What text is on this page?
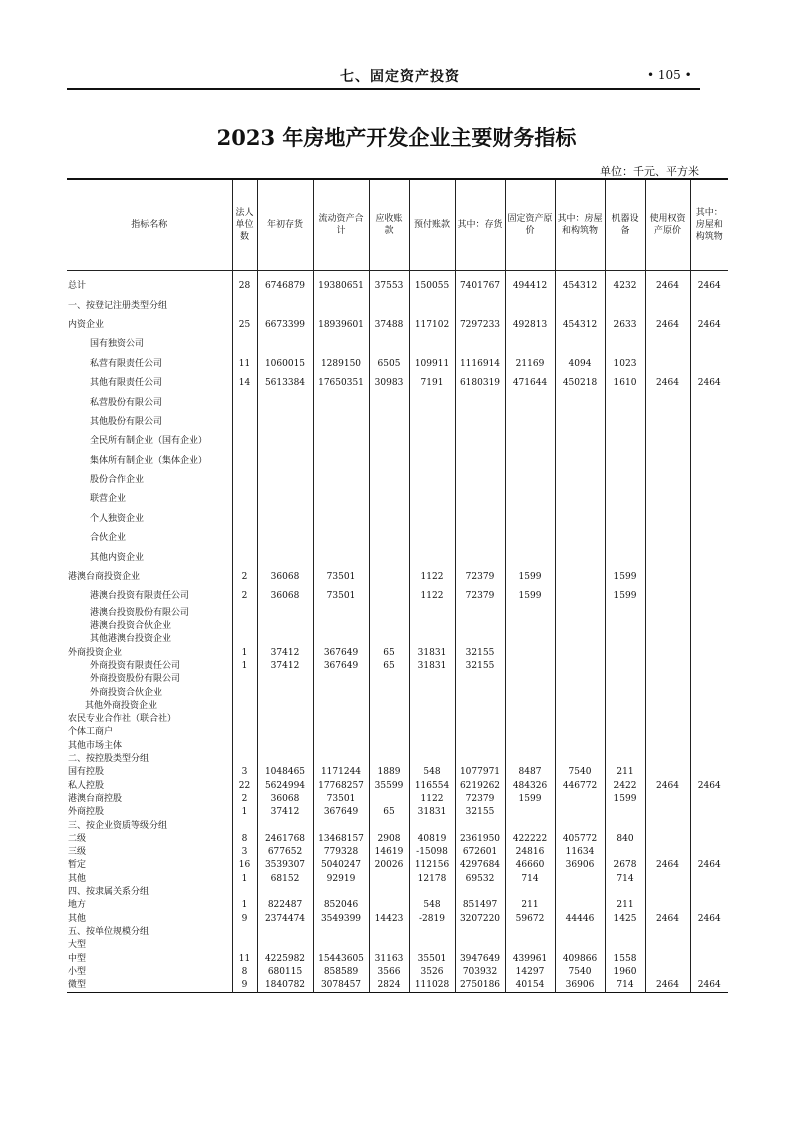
七、固定资产投资	• 105 •
2023 年房地产开发企业主要财务指标
单位：千元、平方米
指标名称	法人单位数	年初存货	流动资产合计	应收账款	预付账款	其中：存货	固定资产原价	其中：房屋和构筑物	机器设备	使用权资产原价	其中：房屋和构筑物

总计	28	6746879	19380651	37553	150055	7401767	494412	454312	4232	2464	2464
一、按登记注册类型分组											
内资企业	25	6673399	18939601	37488	117102	7297233	492813	454312	2633	2464	2464
国有独资公司											
私营有限责任公司	11	1060015	1289150	6505	109911	1116914	21169	4094	1023		
其他有限责任公司	14	5613384	17650351	30983	7191	6180319	471644	450218	1610	2464	2464
私营股份有限公司											
其他股份有限公司											
全民所有制企业（国有企业）											
集体所有制企业（集体企业）											
股份合作企业											
联营企业											
个人独资企业											
合伙企业											
其他内资企业											
港澳台商投资企业	2	36068	73501		1122	72379	1599		1599		
港澳台投资有限责任公司	2	36068	73501		1122	72379	1599		1599		
港澳台投资股份有限公司											
港澳台投资合伙企业											
其他港澳台投资企业											
外商投资企业	1	37412	367649	65	31831	32155					
外商投资有限责任公司	1	37412	367649	65	31831	32155					
外商投资股份有限公司											
外商投资合伙企业											
其他外商投资企业											
农民专业合作社（联合社）											
个体工商户											
其他市场主体											
二、按控股类型分组											
国有控股	3	1048465	1171244	1889	548	1077971	8487	7540	211		
私人控股	22	5624994	17768257	35599	116554	6219262	484326	446772	2422	2464	2464
港澳台商控股	2	36068	73501		1122	72379	1599		1599		
外商控股	1	37412	367649	65	31831	32155					
三、按企业资质等级分组											
二级	8	2461768	13468157	2908	40819	2361950	422222	405772	840		
三级	3	677652	779328	14619	-15098	672601	24816	11634			
暂定	16	3539307	5040247	20026	112156	4297684	46660	36906	2678	2464	2464
其他	1	68152	92919		12178	69532	714		714		
四、按隶属关系分组											
地方	1	822487	852046		548	851497	211		211		
其他	9	2374474	3549399	14423	-2819	3207220	59672	44446	1425	2464	2464
五、按单位规模分组											
大型											
中型	11	4225982	15443605	31163	35501	3947649	439961	409866	1558		
小型	8	680115	858589	3566	3526	703932	14297	7540	1960		
微型	9	1840782	3078457	2824	111028	2750186	40154	36906	714	2464	2464
